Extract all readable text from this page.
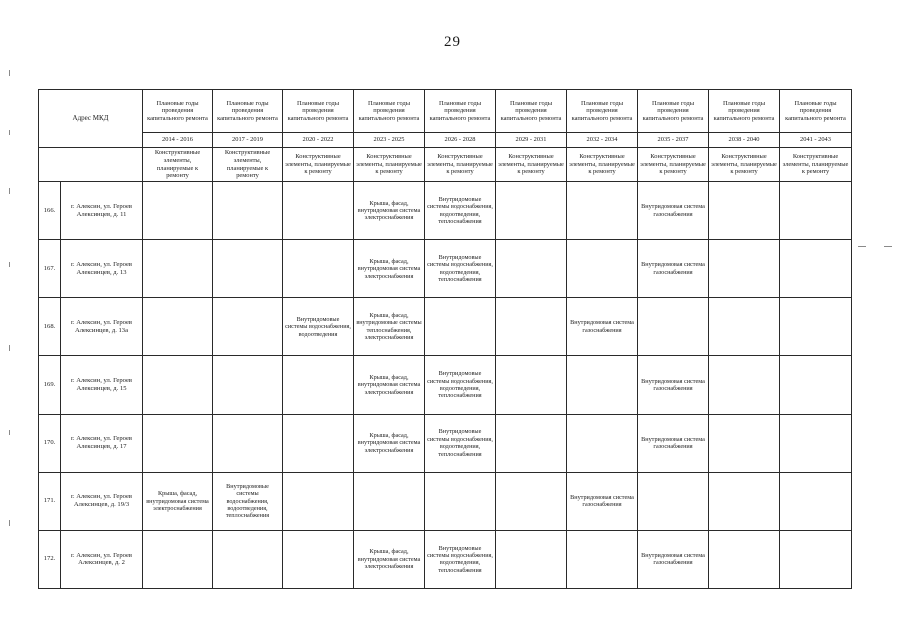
29
Адрес МКД		Плановые годы проведения капитального ремонта	Плановые годы проведения капитального ремонта	Плановые годы проведения капитального ремонта	Плановые годы проведения капитального ремонта	Плановые годы проведения капитального ремонта	Плановые годы проведения капитального ремонта	Плановые годы проведения капитального ремонта	Плановые годы проведения капитального ремонта	Плановые годы проведения капитального ремонта	Плановые годы проведения капитального ремонта
		2014 - 2016	2017 - 2019	2020 - 2022	2023 - 2025	2026 - 2028	2029 - 2031	2032 - 2034	2035 - 2037	2038 - 2040	2041 - 2043
		Конструктивные элементы, планируемые к ремонту	Конструктивные элементы, планируемые к ремонту	Конструктивные элементы, планируемые к ремонту	Конструктивные элементы, планируемые к ремонту	Конструктивные элементы, планируемые к ремонту	Конструктивные элементы, планируемые к ремонту	Конструктивные элементы, планируемые к ремонту	Конструктивные элементы, планируемые к ремонту	Конструктивные элементы, планируемые к ремонту	Конструктивные элементы, планируемые к ремонту
166.	г. Алексин, ул. Героев Алексинцев, д. 11				Крыша, фасад, внутридомовая система электроснабжения	Внутридомовые системы водоснабжения, водоотведения, теплоснабжения			Внутридомовая система газоснабжения		
167.	г. Алексин, ул. Героев Алексинцев, д. 13				Крыша, фасад, внутридомовая система электроснабжения	Внутридомовые системы водоснабжения, водоотведения, теплоснабжения			Внутридомовая система газоснабжения		
168.	г. Алексин, ул. Героев Алексинцев, д. 13а			Внутридомовые системы водоснабжения, водоотведения	Крыша, фасад, внутридомовые системы теплоснабжения, электроснабжения			Внутридомовая система газоснабжения			
169.	г. Алексин, ул. Героев Алексинцев, д. 15				Крыша, фасад, внутридомовая система электроснабжения	Внутридомовые системы водоснабжения, водоотведения, теплоснабжения			Внутридомовая система газоснабжения		
170.	г. Алексин, ул. Героев Алексинцев, д. 17				Крыша, фасад, внутридомовая система электроснабжения	Внутридомовые системы водоснабжения, водоотведения, теплоснабжения			Внутридомовая система газоснабжения		
171.	г. Алексин, ул. Героев Алексинцев, д. 19/3	Крыша, фасад, внутридомовая система электроснабжения	Внутридомовые системы водоснабжения, водоотведения, теплоснабжения					Внутридомовая система газоснабжения			
172.	г. Алексин, ул. Героев Алексинцев, д. 2				Крыша, фасад, внутридомовая система электроснабжения	Внутридомовые системы водоснабжения, водоотведения, теплоснабжения			Внутридомовая система газоснабжения		
